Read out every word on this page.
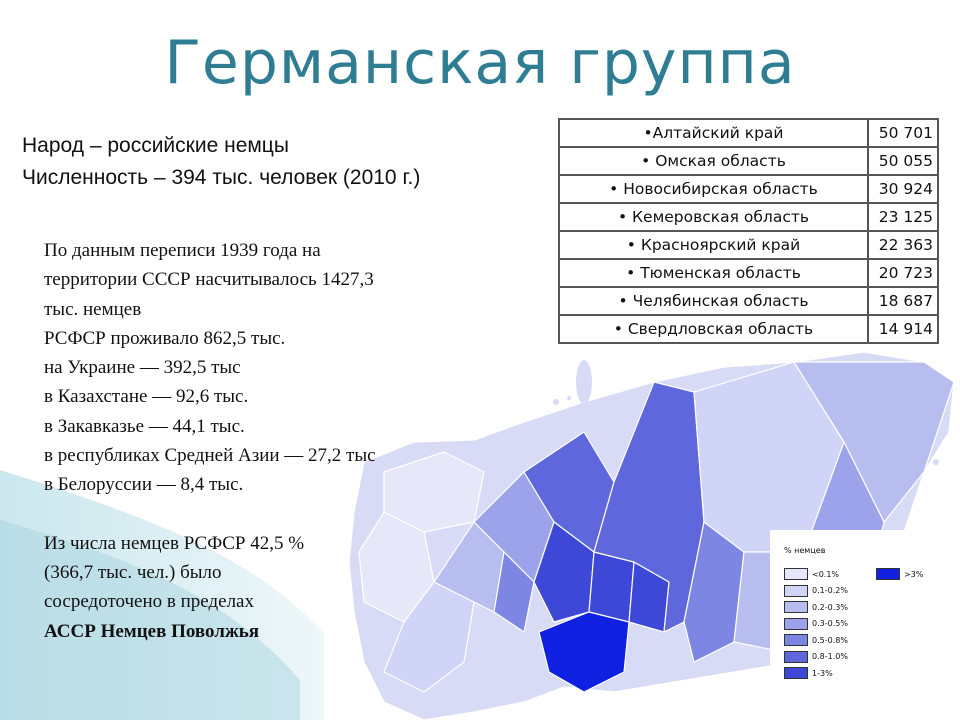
Германская группа
Народ – российские немцы
Численность – 394 тыс. человек (2010 г.)
•Алтайский край	50 701
• Омская область	50 055
• Новосибирская область	30 924
• Кемеровская область	23 125
• Красноярский край	22 363
• Тюменская область	20 723
• Челябинская область	18 687
• Свердловская область	14 914
% немцев
<0.1%
0.1-0.2%
0.2-0.3%
0.3-0.5%
0.5-0.8%
0.8-1.0%
1-3%
>3%
По данным переписи 1939 года на
территории СССР насчитывалось 1427,3
тыс. немцев
РСФСР проживало 862,5 тыс.
на Украине — 392,5 тыс
в Казахстане — 92,6 тыс.
в Закавказье — 44,1 тыс.
в республиках Средней Азии — 27,2 тыс
в Белоруссии — 8,4 тыс.
Из числа немцев РСФСР 42,5 %
(366,7 тыс. чел.) было
сосредоточено в пределах
АССР Немцев Поволжья
